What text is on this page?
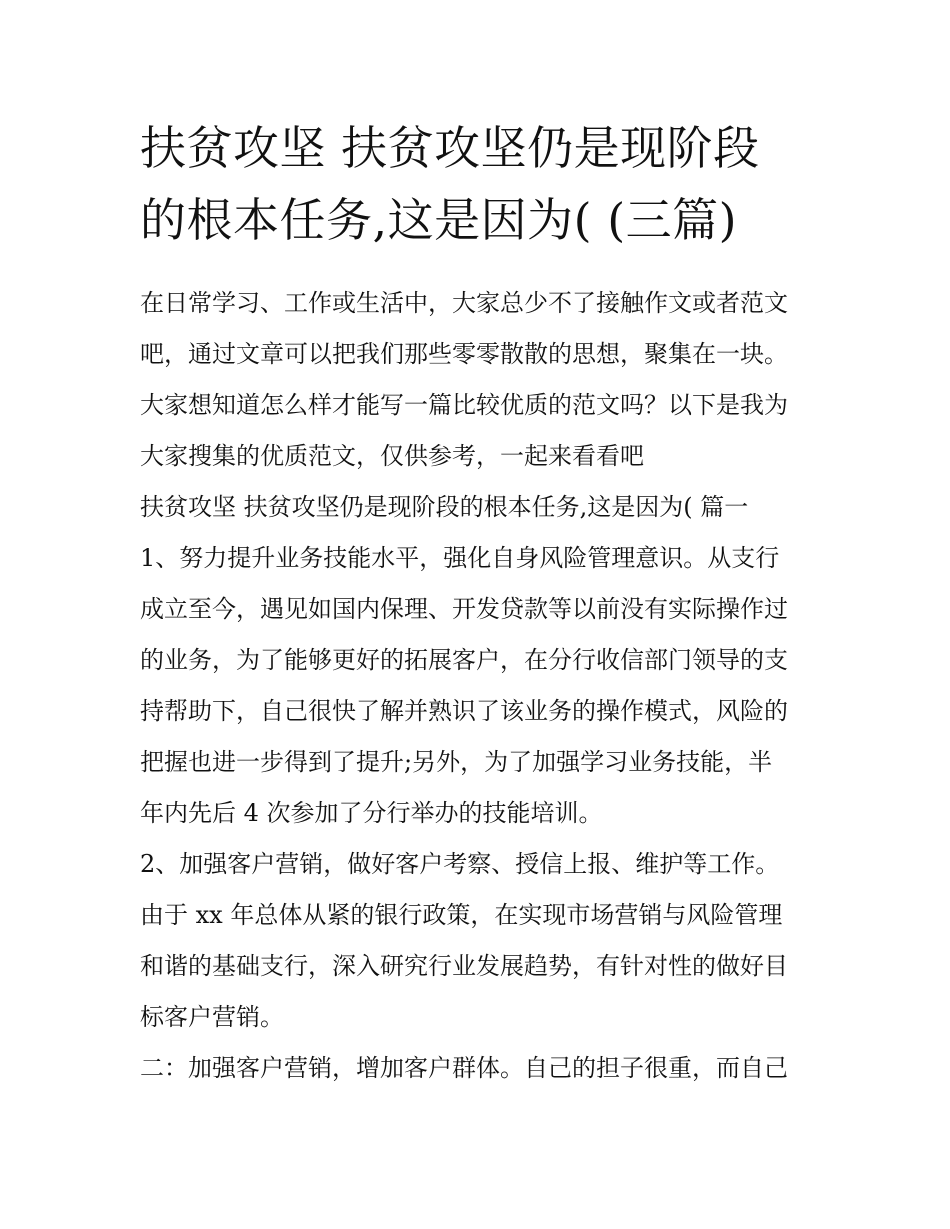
扶贫攻坚 扶贫攻坚仍是现阶段
的根本任务,这是因为( (三篇)
在日常学习、工作或生活中，大家总少不了接触作文或者范文
吧，通过文章可以把我们那些零零散散的思想，聚集在一块。
大家想知道怎么样才能写一篇比较优质的范文吗？以下是我为
大家搜集的优质范文，仅供参考，一起来看看吧
扶贫攻坚 扶贫攻坚仍是现阶段的根本任务,这是因为( 篇一
1、努力提升业务技能水平，强化自身风险管理意识。从支行
成立至今，遇见如国内保理、开发贷款等以前没有实际操作过
的业务，为了能够更好的拓展客户，在分行收信部门领导的支
持帮助下，自己很快了解并熟识了该业务的操作模式，风险的
把握也进一步得到了提升;另外，为了加强学习业务技能，半
年内先后 4 次参加了分行举办的技能培训。
2、加强客户营销，做好客户考察、授信上报、维护等工作。
由于 xx 年总体从紧的银行政策，在实现市场营销与风险管理
和谐的基础支行，深入研究行业发展趋势，有针对性的做好目
标客户营销。
二：加强客户营销，增加客户群体。自己的担子很重，而自己
